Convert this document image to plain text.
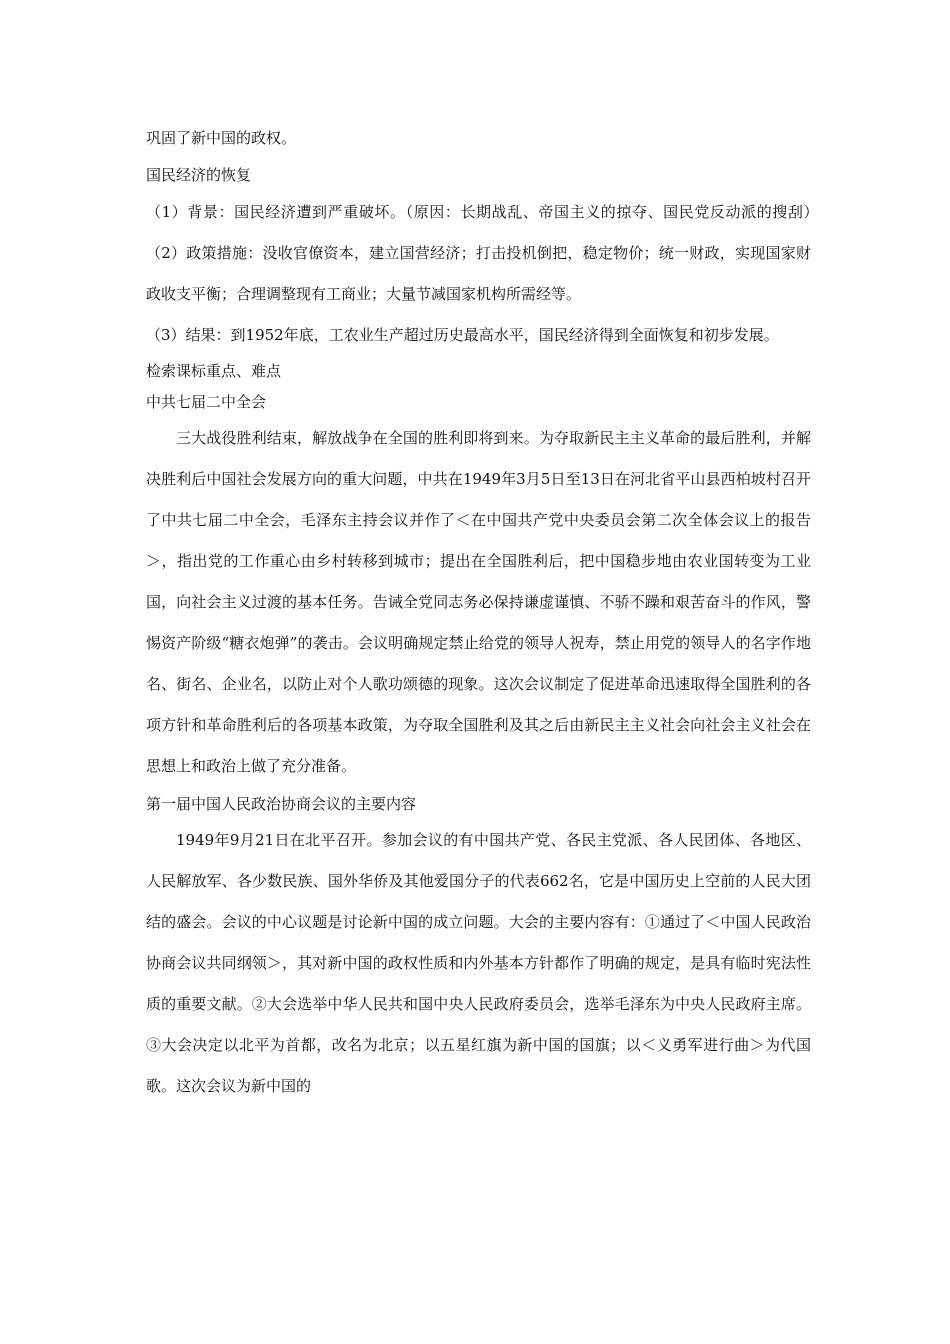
巩固了新中国的政权。

国民经济的恢复

（1）背景：国民经济遭到严重破坏。（原因：长期战乱、帝国主义的掠夺、国民党反动派的搜刮）　（2）政策措施：没收官僚资本，建立国营经济；打击投机倒把，稳定物价；统一财政，实现国家财政收支平衡；合理调整现有工商业；大量节减国家机构所需经等。

（3）结果：到1952年底，工农业生产超过历史最高水平，国民经济得到全面恢复和初步发展。

检索课标重点、难点

中共七届二中全会

三大战役胜利结束，解放战争在全国的胜利即将到来。为夺取新民主主义革命的最后胜利，并解决胜利后中国社会发展方向的重大问题，中共在1949年3月5日至13日在河北省平山县西柏坡村召开了中共七届二中全会，毛泽东主持会议并作了＜在中国共产党中央委员会第二次全体会议上的报告＞，指出党的工作重心由乡村转移到城市；提出在全国胜利后，把中国稳步地由农业国转变为工业国，向社会主义过渡的基本任务。告诫全党同志务必保持谦虚谨慎、不骄不躁和艰苦奋斗的作风，警惕资产阶级“糖衣炮弹”的袭击。会议明确规定禁止给党的领导人祝寿，禁止用党的领导人的名字作地名、街名、企业名，以防止对个人歌功颂德的现象。这次会议制定了促进革命迅速取得全国胜利的各项方针和革命胜利后的各项基本政策，为夺取全国胜利及其之后由新民主主义社会向社会主义社会在思想上和政治上做了充分准备。

第一届中国人民政治协商会议的主要内容

1949年9月21日在北平召开。参加会议的有中国共产党、各民主党派、各人民团体、各地区、人民解放军、各少数民族、国外华侨及其他爱国分子的代表662名，它是中国历史上空前的人民大团结的盛会。会议的中心议题是讨论新中国的成立问题。大会的主要内容有：①通过了＜中国人民政治协商会议共同纲领＞，其对新中国的政权性质和内外基本方针都作了明确的规定，是具有临时宪法性质的重要文献。②大会选举中华人民共和国中央人民政府委员会，选举毛泽东为中央人民政府主席。③大会决定以北平为首都，改名为北京；以五星红旗为新中国的国旗；以＜义勇军进行曲＞为代国歌。这次会议为新中国的
